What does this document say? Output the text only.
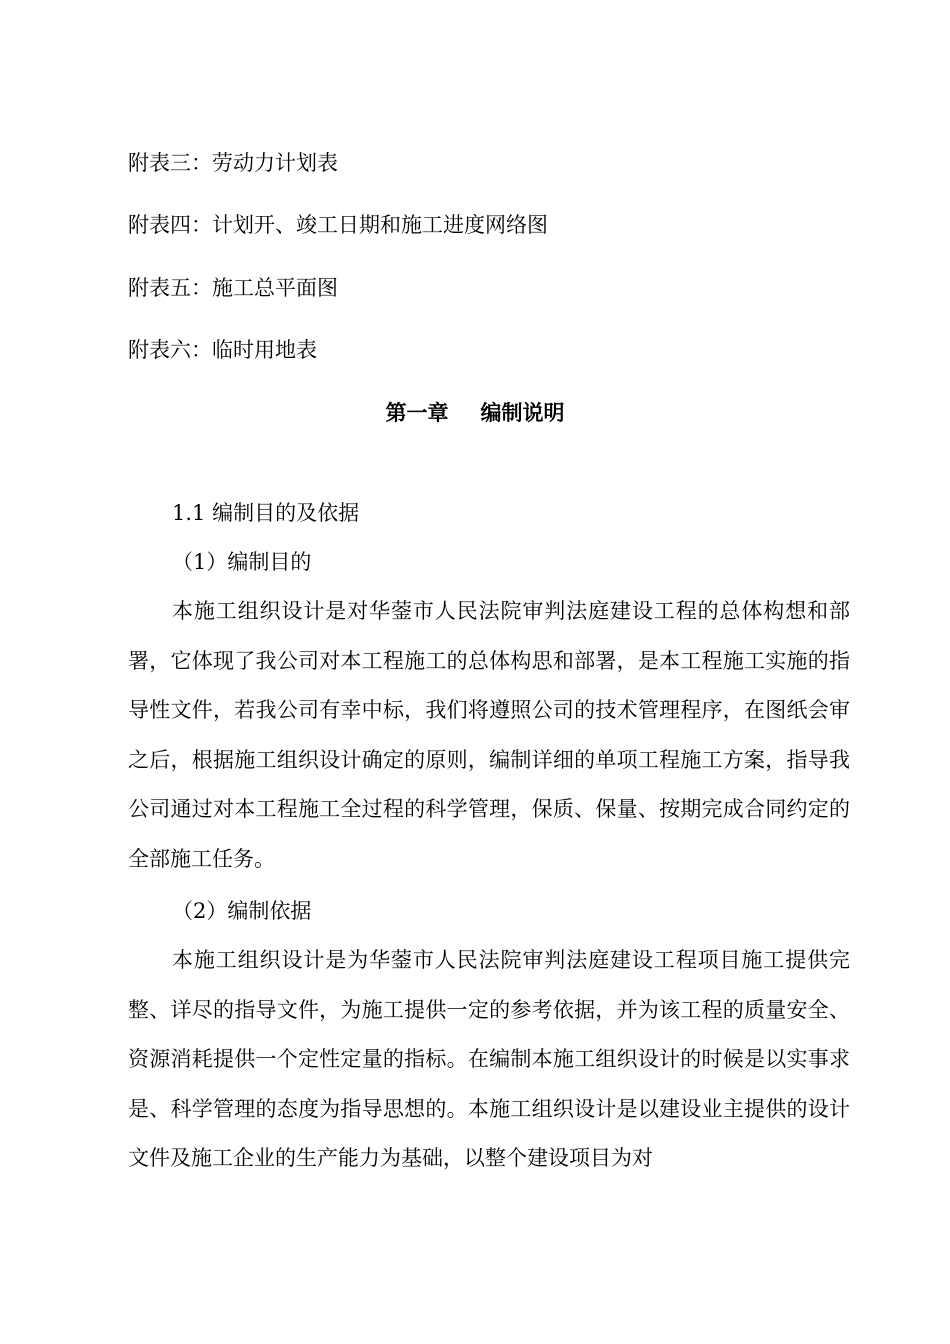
附表三：劳动力计划表
附表四：计划开、竣工日期和施工进度网络图
附表五：施工总平面图
附表六：临时用地表
第一章 编制说明
1.1 编制目的及依据
（1）编制目的

本施工组织设计是对华蓥市人民法院审判法庭建设工程的总体构想和部署，它体现了我公司对本工程施工的总体构思和部署，是本工程施工实施的指导性文件，若我公司有幸中标，我们将遵照公司的技术管理程序，在图纸会审之后，根据施工组织设计确定的原则，编制详细的单项工程施工方案，指导我公司通过对本工程施工全过程的科学管理，保质、保量、按期完成合同约定的全部施工任务。

（2）编制依据

本施工组织设计是为华蓥市人民法院审判法庭建设工程项目施工提供完整、详尽的指导文件，为施工提供一定的参考依据，并为该工程的质量安全、资源消耗提供一个定性定量的指标。在编制本施工组织设计的时候是以实事求是、科学管理的态度为指导思想的。本施工组织设计是以建设业主提供的设计文件及施工企业的生产能力为基础，以整个建设项目为对
